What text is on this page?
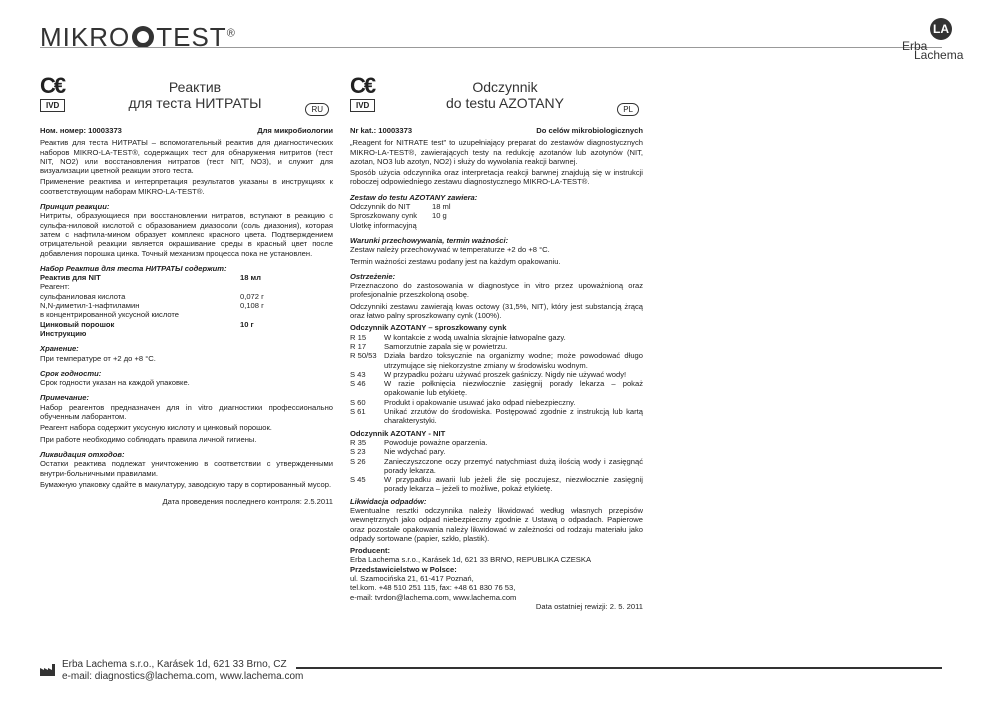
MIKRO TEST®	LA
Erba
Lachema
C€
IVD
Реактив
для теста НИТРАТЫ	RU
Ном. номер: 10003373	Для микробиологии

Реактив для теста НИТРАТЫ – вспомогательный реактив для диагностических наборов MIKRO-LA-TEST®, содержащих тест для обнаружения нитритов (тест NIT, NO2) или восстановления нитратов (тест NIT, NO3), и служит для визуализации цветной реакции этого теста.

Применение реактива и интерпретация результатов указаны в инструкциях к соответствующим наборам MIKRO-LA-TEST®.

Принцип реакции:

Нитриты, образующиеся при восстановлении нитратов, вступают в реакцию с сульфа-ниловой кислотой с образованием диазосоли (соль диазония), которая затем с нафтила-мином образует комплекс красного цвета. Подтверждением отрицательной реакции является окрашивание среды в красный цвет после добавления порошка цинка. Точный механизм процесса пока не установлен.

Набор Реактив для теста НИТРАТЫ содержит:
Реактив для NIT	18 мл
Реагент:	
сульфаниловая кислота	0,072 г
N,N-диметил-1-нафтиламин	0,108 г
в концентрированной уксусной кислоте	
Цинковый порошок	10 г
Инструкцию	
Хранение:

При температуре от +2 до +8 °C.

Срок годности:

Срок годности указан на каждой упаковке.

Примечание:

Набор реагентов предназначен для in vitro диагностики профессионально обученным лаборантом.

Реагент набора содержит уксусную кислоту и цинковый порошок.

При работе необходимо соблюдать правила личной гигиены.

Ликвидация отходов:

Остатки реактива подлежат уничтожению в соответствии с утвержденными внутри-больничными правилами.

Бумажную упаковку сдайте в макулатуру, заводскую тару в сортированный мусор.

Дата проведения последнего контроля: 2.5.2011
C€
IVD
Odczynnik
do testu AZOTANY	PL
Nr kat.: 10003373	Do celów mikrobiologicznych

„Reagent for NITRATE test” to uzupełniający preparat do zestawów diagnostycznych MIKRO-LA-TEST®, zawierających testy na redukcję azotanów lub azotynów (NIT, azotan, NO3 lub azotyn, NO2) i służy do wywołania reakcji barwnej.

Sposób użycia odczynnika oraz interpretacja reakcji barwnej znajdują się w instrukcji roboczej odpowiedniego zestawu diagnostycznego MIKRO-LA-TEST®.

Zestaw do testu AZOTANY zawiera:
Odczynnik do NIT	18 ml
Sproszkowany cynk	10 g
Ulotkę informacyjną	
Warunki przechowywania, termin ważności:

Zestaw należy przechowywać w temperaturze +2 do +8 °C.

Termin ważności zestawu podany jest na każdym opakowaniu.

Ostrzeżenie:

Przeznaczono do zastosowania w diagnostyce in vitro przez upoważnioną oraz profesjonalnie przeszkoloną osobę.

Odczynniki zestawu zawierają kwas octowy (31,5%, NIT), który jest substancją żrącą oraz łatwo palny sproszkowany cynk (100%).

Odczynnik AZOTANY – sproszkowany cynk
R 15	W kontakcie z wodą uwalnia skrajnie łatwopalne gazy.
R 17	Samorzutnie zapala się w powietrzu.
R 50/53	Działa bardzo toksycznie na organizmy wodne; może powodować długo utrzymujące się niekorzystne zmiany w środowisku wodnym.
S 43	W przypadku pożaru używać proszek gaśniczy. Nigdy nie używać wody!
S 46	W razie połknięcia niezwłocznie zasięgnij porady lekarza – pokaż opakowanie lub etykietę.
S 60	Produkt i opakowanie usuwać jako odpad niebezpieczny.
S 61	Unikać zrzutów do środowiska. Postępować zgodnie z instrukcją lub kartą charakterystyki.
Odczynnik AZOTANY - NIT
R 35	Powoduje poważne oparzenia.
S 23	Nie wdychać pary.
S 26	Zanieczyszczone oczy przemyć natychmiast dużą ilością wody i zasięgnąć porady lekarza.
S 45	W przypadku awarii lub jeżeli źle się poczujesz, niezwłocznie zasięgnij porady lekarza – jeżeli to możliwe, pokaż etykietę.
Likwidacja odpadów:

Ewentualne resztki odczynnika należy likwidować według własnych przepisów wewnętrznych jako odpad niebezpieczny zgodnie z Ustawą o odpadach. Papierowe oraz pozostałe opakowania należy likwidować w zależności od rodzaju materiału jako odpady sortowane (papier, szkło, plastik).

Producent:
Erba Lachema s.r.o., Karásek 1d, 621 33 BRNO, REPUBLIKA CZESKA
Przedstawicielstwo w Polsce:
ul. Szamocińska 21, 61-417 Poznań,
tel.kom. +48 510 251 115, fax: +48 61 830 76 53,
e-mail: tvrdon@lachema.com, www.lachema.com
Data ostatniej rewizji: 2. 5. 2011
Erba Lachema s.r.o., Karásek 1d, 621 33 Brno, CZ
e-mail: diagnostics@lachema.com, www.lachema.com
